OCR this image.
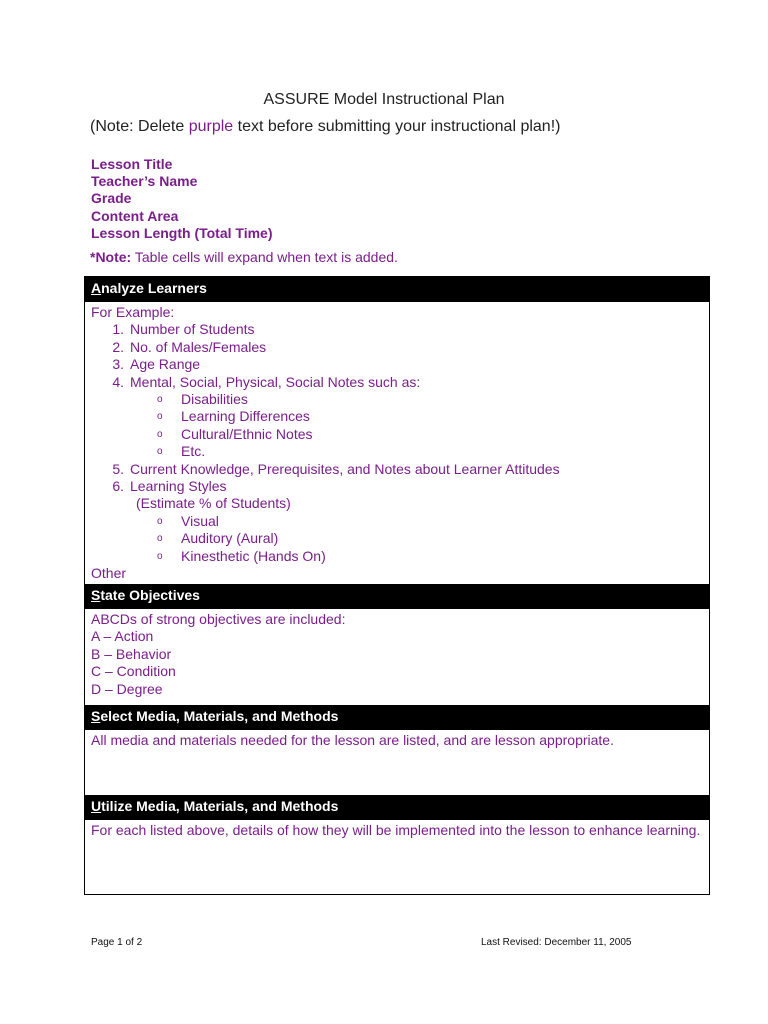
ASSURE Model Instructional Plan
(Note: Delete purple text before submitting your instructional plan!)
Lesson Title
Teacher’s Name
Grade
Content Area
Lesson Length (Total Time)
*Note: Table cells will expand when text is added.
Analyze Learners
For Example:
1. Number of Students
2. No. of Males/Females
3. Age Range
4. Mental, Social, Physical, Social Notes such as:
o	Disabilities
o	Learning Differences
o	Cultural/Ethnic Notes
o	Etc.
5. Current Knowledge, Prerequisites, and Notes about Learner Attitudes
6. Learning Styles
(Estimate % of Students)
o	Visual
o	Auditory (Aural)
o	Kinesthetic (Hands On)
Other
State Objectives
ABCDs of strong objectives are included:
A – Action
B – Behavior
C – Condition
D – Degree
Select Media, Materials, and Methods
All media and materials needed for the lesson are listed, and are lesson appropriate.
Utilize Media, Materials, and Methods
For each listed above, details of how they will be implemented into the lesson to enhance learning.
Page 1 of 2	Last Revised: December 11, 2005
